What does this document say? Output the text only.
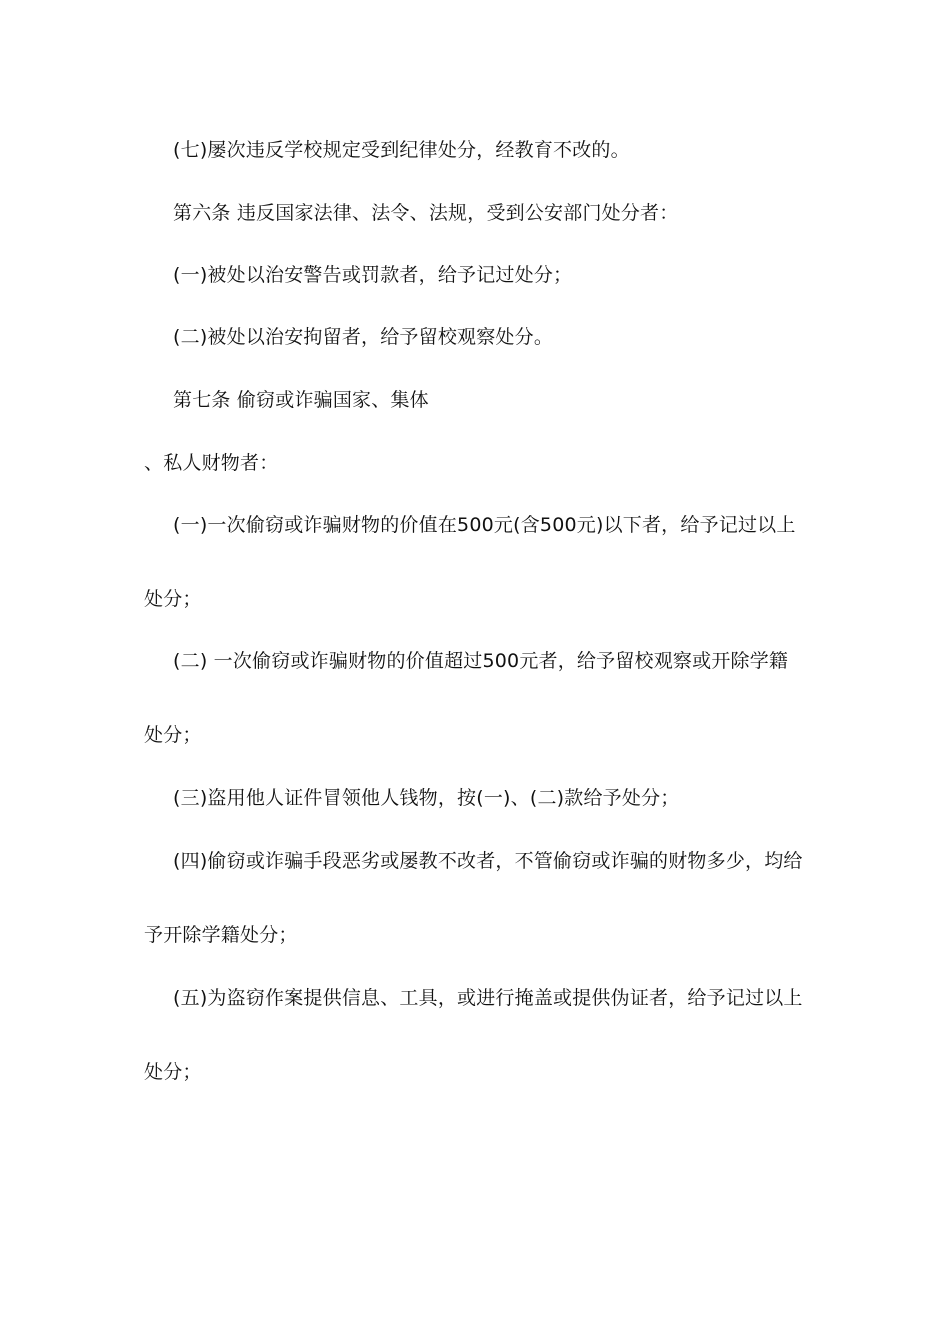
(七)屡次违反学校规定受到纪律处分，经教育不改的。
第六条 违反国家法律、法令、法规，受到公安部门处分者：
(一)被处以治安警告或罚款者，给予记过处分；
(二)被处以治安拘留者，给予留校观察处分。
第七条 偷窃或诈骗国家、集体
、私人财物者：
(一)一次偷窃或诈骗财物的价值在500元(含500元)以下者，给予记过以上
处分；
(二) 一次偷窃或诈骗财物的价值超过500元者，给予留校观察或开除学籍
处分；
(三)盗用他人证件冒领他人钱物，按(一)、(二)款给予处分；
(四)偷窃或诈骗手段恶劣或屡教不改者，不管偷窃或诈骗的财物多少，均给
予开除学籍处分；
(五)为盗窃作案提供信息、工具，或进行掩盖或提供伪证者，给予记过以上
处分；
